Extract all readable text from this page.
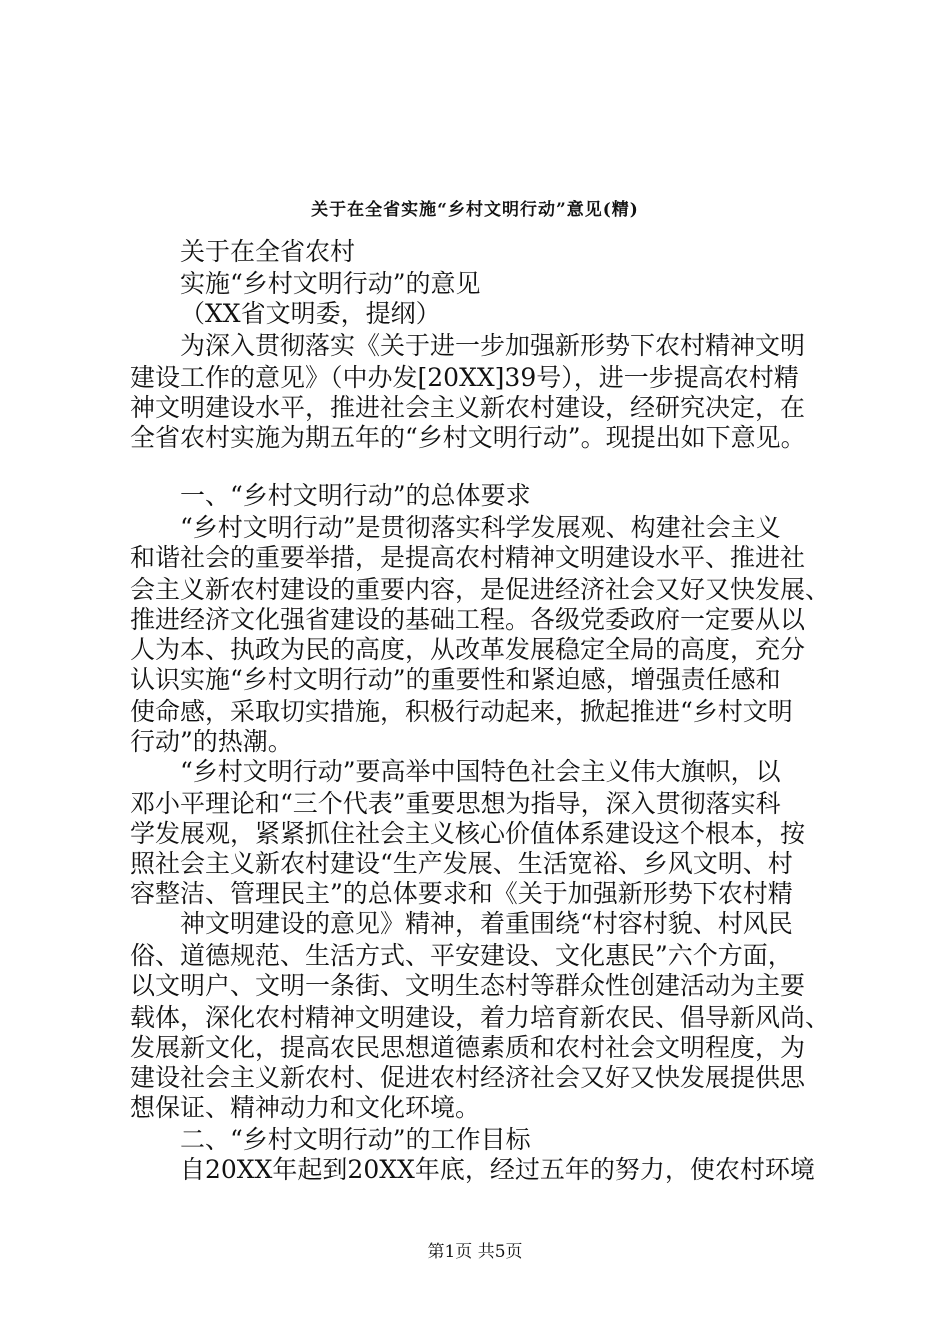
关于在全省实施“乡村文明行动”意见(精)
关于在全省农村
实施“乡村文明行动”的意见
（XX省文明委，提纲）
为深入贯彻落实《关于进一步加强新形势下农村精神文明
建设工作的意见》（中办发[20XX]39号），进一步提高农村精
神文明建设水平，推进社会主义新农村建设，经研究决定，在
全省农村实施为期五年的“乡村文明行动”。现提出如下意见。
一、“乡村文明行动”的总体要求
“乡村文明行动”是贯彻落实科学发展观、构建社会主义
和谐社会的重要举措，是提高农村精神文明建设水平、推进社
会主义新农村建设的重要内容，是促进经济社会又好又快发展、
推进经济文化强省建设的基础工程。各级党委政府一定要从以
人为本、执政为民的高度，从改革发展稳定全局的高度，充分
认识实施“乡村文明行动”的重要性和紧迫感，增强责任感和
使命感，采取切实措施，积极行动起来，掀起推进“乡村文明
行动”的热潮。
“乡村文明行动”要高举中国特色社会主义伟大旗帜，以
邓小平理论和“三个代表”重要思想为指导，深入贯彻落实科
学发展观，紧紧抓住社会主义核心价值体系建设这个根本，按
照社会主义新农村建设“生产发展、生活宽裕、乡风文明、村
容整洁、管理民主”的总体要求和《关于加强新形势下农村精
神文明建设的意见》精神，着重围绕“村容村貌、村风民
俗、道德规范、生活方式、平安建设、文化惠民”六个方面，
以文明户、文明一条街、文明生态村等群众性创建活动为主要
载体，深化农村精神文明建设，着力培育新农民、倡导新风尚、
发展新文化，提高农民思想道德素质和农村社会文明程度，为
建设社会主义新农村、促进农村经济社会又好又快发展提供思
想保证、精神动力和文化环境。
二、“乡村文明行动”的工作目标
自20XX年起到20XX年底，经过五年的努力，使农村环境
第1页 共5页
